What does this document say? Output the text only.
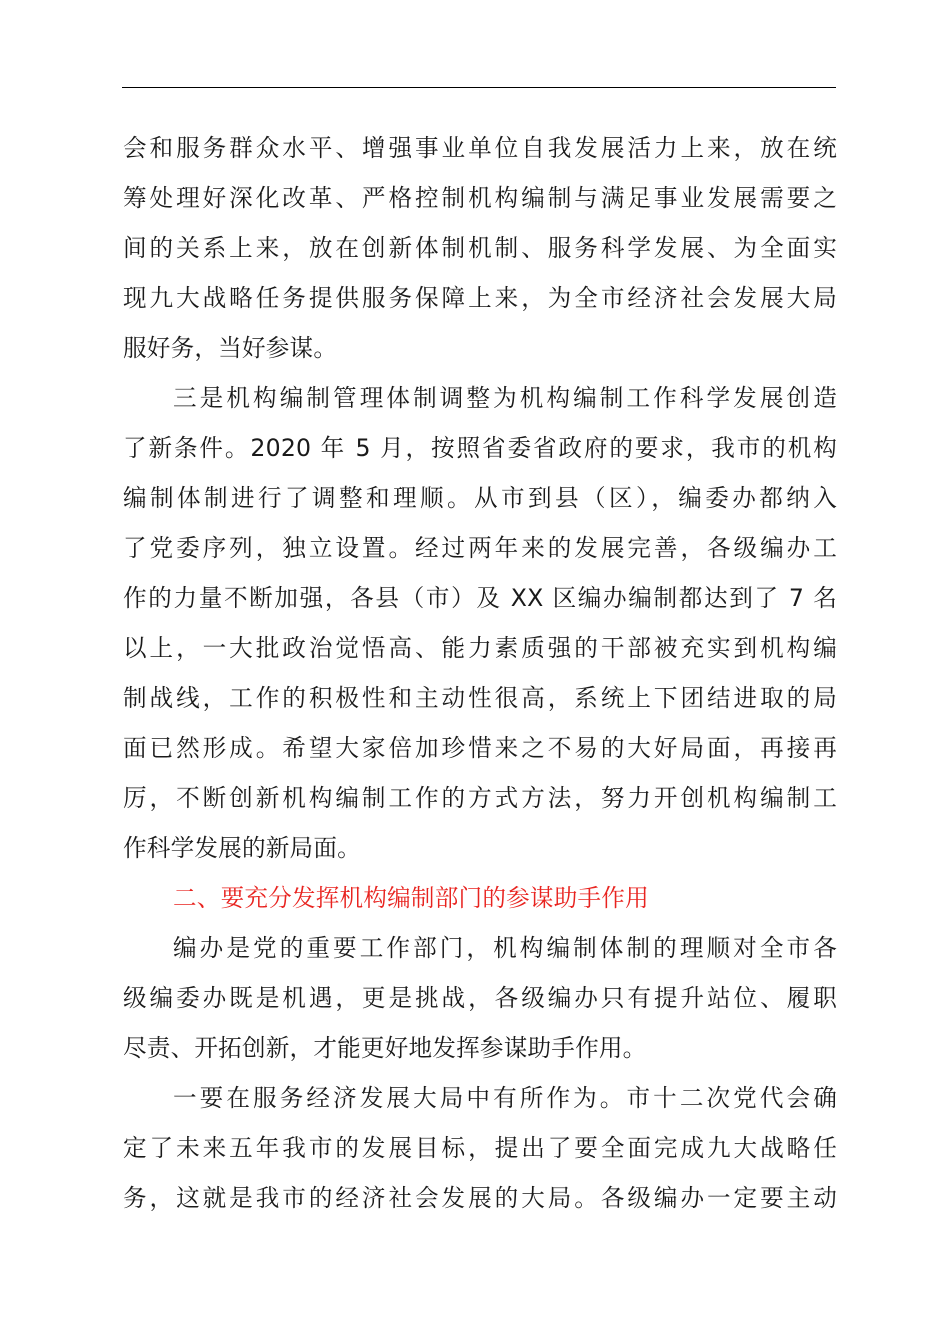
会和服务群众水平、增强事业单位自我发展活力上来，放在统
筹处理好深化改革、严格控制机构编制与满足事业发展需要之
间的关系上来，放在创新体制机制、服务科学发展、为全面实
现九大战略任务提供服务保障上来，为全市经济社会发展大局
服好务，当好参谋。
三是机构编制管理体制调整为机构编制工作科学发展创造
了新条件。2020 年 5 月，按照省委省政府的要求，我市的机构
编制体制进行了调整和理顺。从市到县（区），编委办都纳入
了党委序列，独立设置。经过两年来的发展完善，各级编办工
作的力量不断加强，各县（市）及 XX 区编办编制都达到了 7 名
以上，一大批政治觉悟高、能力素质强的干部被充实到机构编
制战线，工作的积极性和主动性很高，系统上下团结进取的局
面已然形成。希望大家倍加珍惜来之不易的大好局面，再接再
厉，不断创新机构编制工作的方式方法，努力开创机构编制工
作科学发展的新局面。
二、要充分发挥机构编制部门的参谋助手作用
编办是党的重要工作部门，机构编制体制的理顺对全市各
级编委办既是机遇，更是挑战，各级编办只有提升站位、履职
尽责、开拓创新，才能更好地发挥参谋助手作用。
一要在服务经济发展大局中有所作为。市十二次党代会确
定了未来五年我市的发展目标，提出了要全面完成九大战略任
务，这就是我市的经济社会发展的大局。各级编办一定要主动
